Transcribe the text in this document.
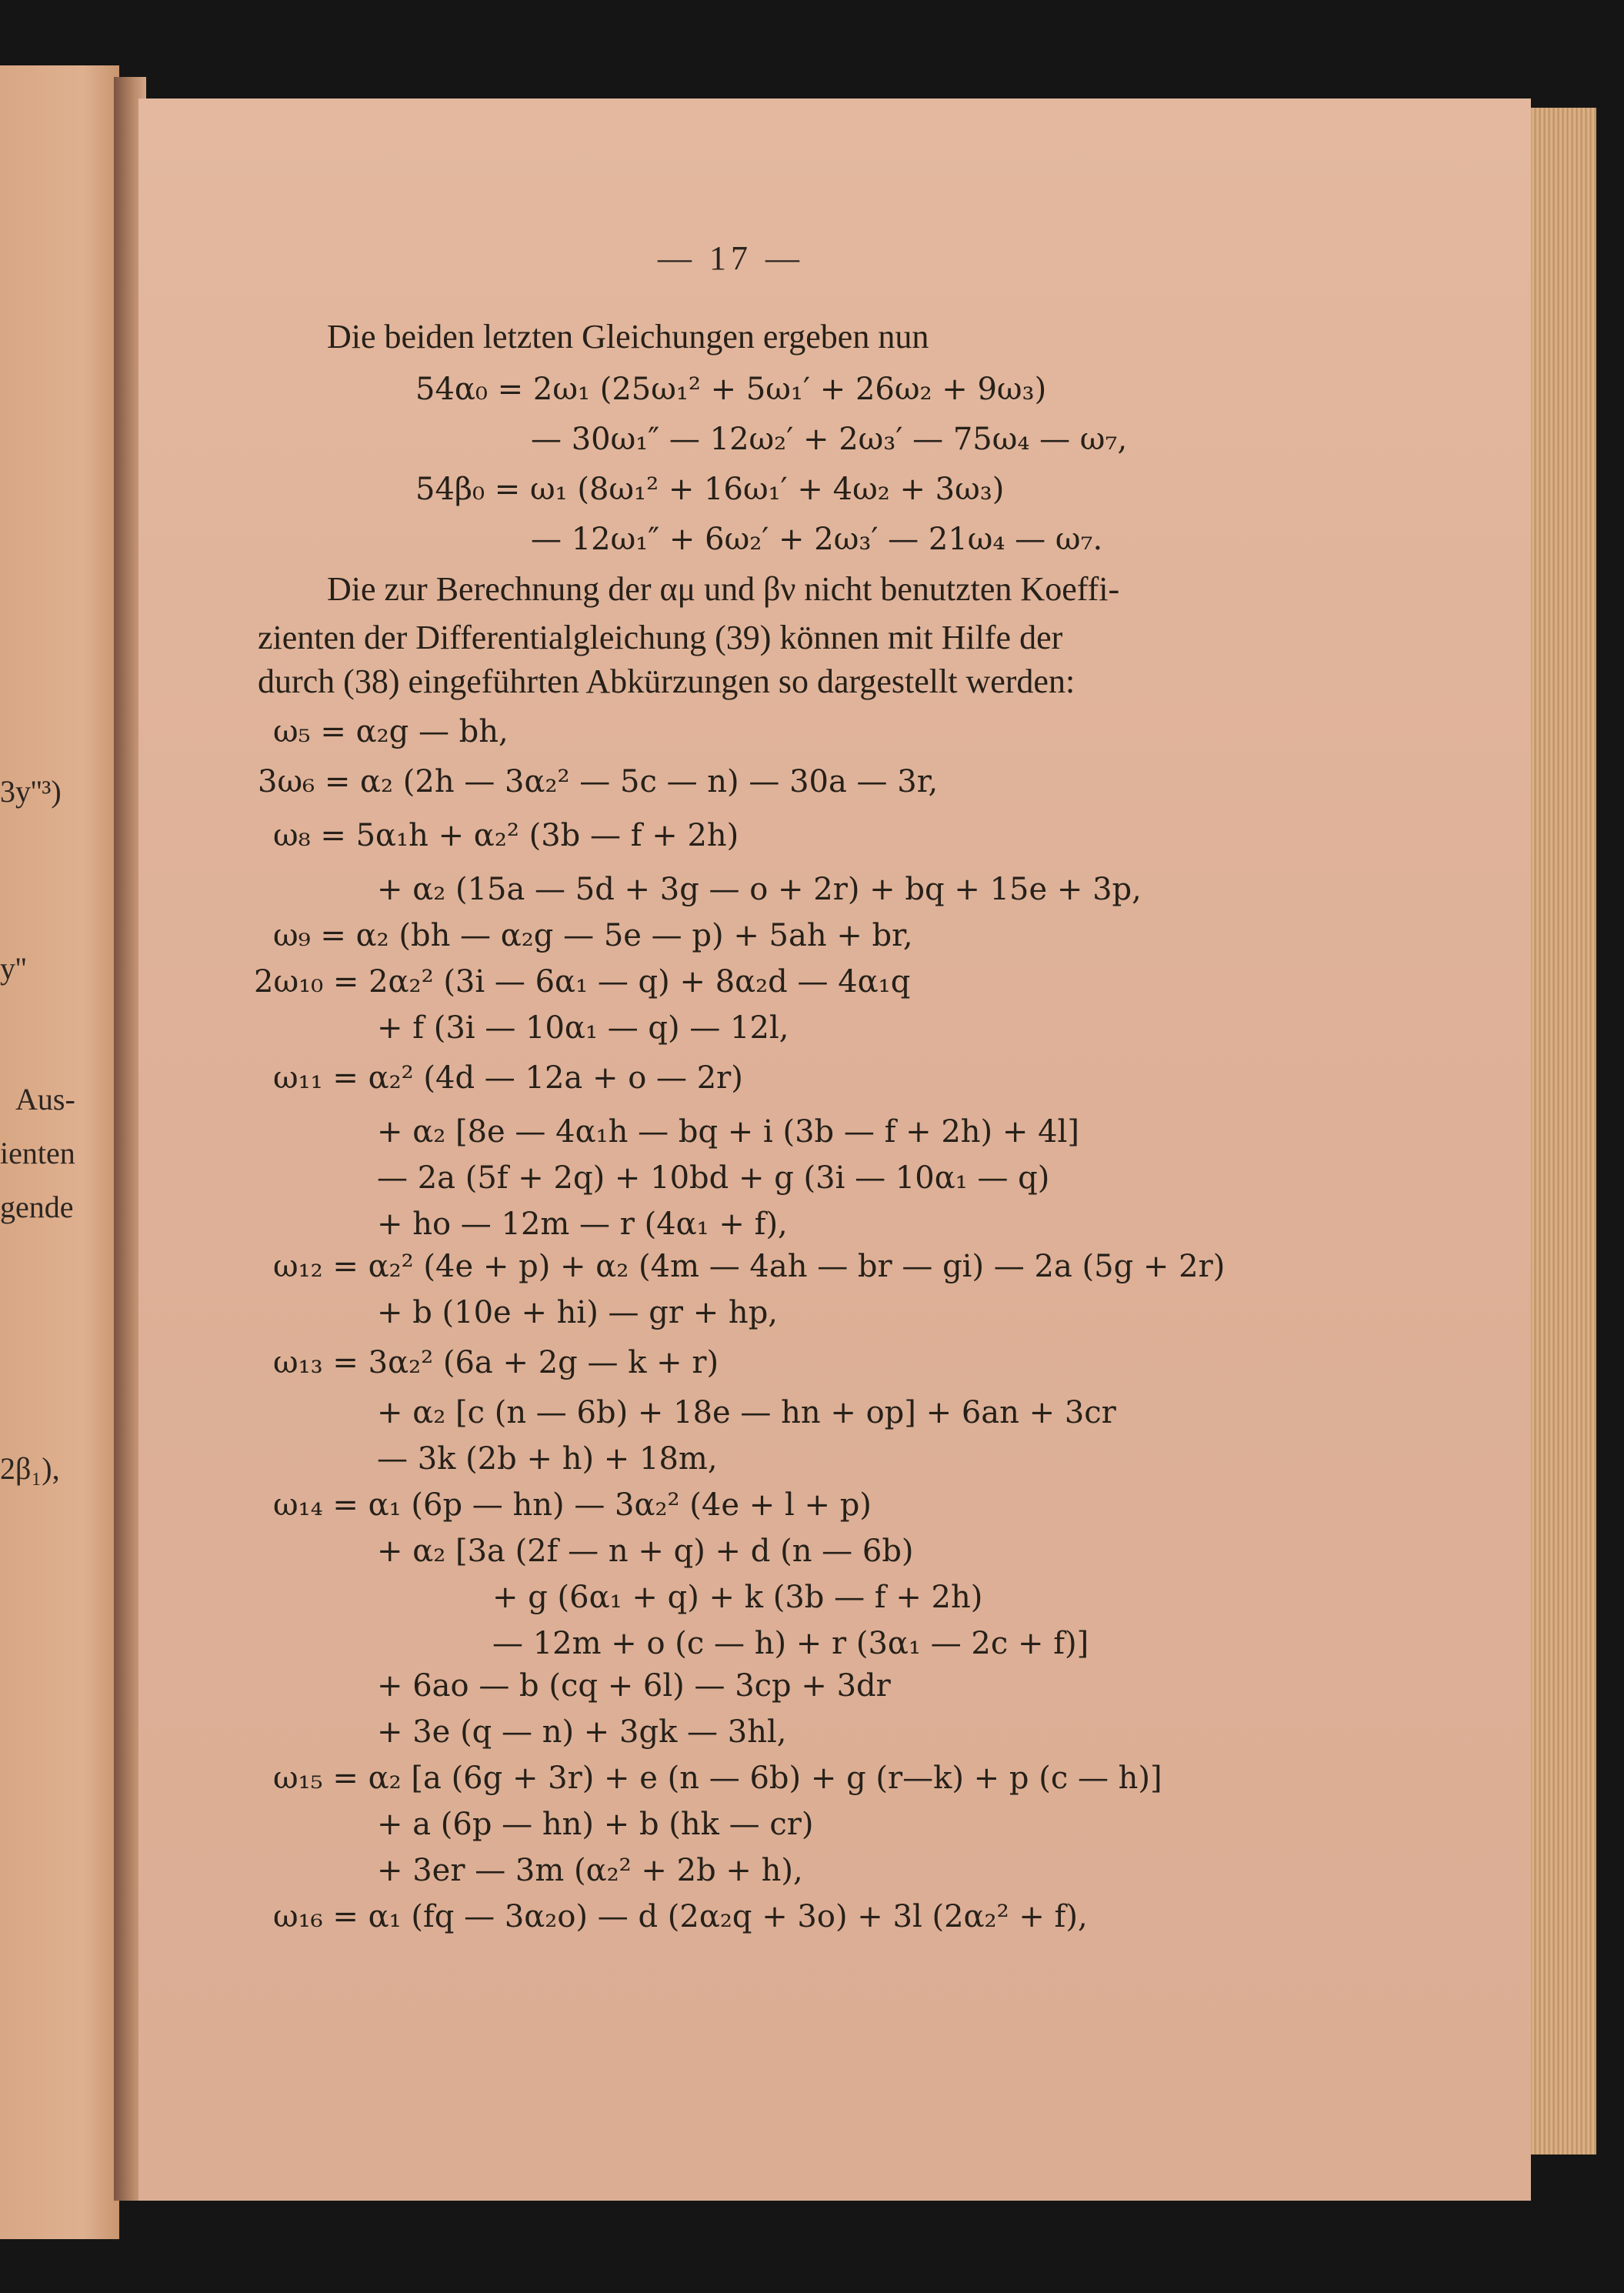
3y''³)
y''
Aus-
ienten
gende
2β₁),
— 17 —
Die beiden letzten Gleichungen ergeben nun
54α₀ = 2ω₁ (25ω₁² + 5ω₁′ + 26ω₂ + 9ω₃)
— 30ω₁″ — 12ω₂′ + 2ω₃′ — 75ω₄ — ω₇,
54β₀ = ω₁ (8ω₁² + 16ω₁′ + 4ω₂ + 3ω₃)
— 12ω₁″ + 6ω₂′ + 2ω₃′ — 21ω₄ — ω₇.
Die zur Berechnung der αμ und βν nicht benutzten Koeffi-
zienten der Differentialgleichung (39) können mit Hilfe der
durch (38) eingeführten Abkürzungen so dargestellt werden:
ω₅ = α₂g — bh,
3ω₆ = α₂ (2h — 3α₂² — 5c — n) — 30a — 3r,
ω₈ = 5α₁h + α₂² (3b — f + 2h)
+ α₂ (15a — 5d + 3g — o + 2r) + bq + 15e + 3p,
ω₉ = α₂ (bh — α₂g — 5e — p) + 5ah + br,
2ω₁₀ = 2α₂² (3i — 6α₁ — q) + 8α₂d — 4α₁q
+ f (3i — 10α₁ — q) — 12l,
ω₁₁ = α₂² (4d — 12a + o — 2r)
+ α₂ [8e — 4α₁h — bq + i (3b — f + 2h) + 4l]
— 2a (5f + 2q) + 10bd + g (3i — 10α₁ — q)
+ ho — 12m — r (4α₁ + f),
ω₁₂ = α₂² (4e + p) + α₂ (4m — 4ah — br — gi) — 2a (5g + 2r)
+ b (10e + hi) — gr + hp,
ω₁₃ = 3α₂² (6a + 2g — k + r)
+ α₂ [c (n — 6b) + 18e — hn + op] + 6an + 3cr
— 3k (2b + h) + 18m,
ω₁₄ = α₁ (6p — hn) — 3α₂² (4e + l + p)
+ α₂ [3a (2f — n + q) + d (n — 6b)
+ g (6α₁ + q) + k (3b — f + 2h)
— 12m + o (c — h) + r (3α₁ — 2c + f)]
+ 6ao — b (cq + 6l) — 3cp + 3dr
+ 3e (q — n) + 3gk — 3hl,
ω₁₅ = α₂ [a (6g + 3r) + e (n — 6b) + g (r—k) + p (c — h)]
+ a (6p — hn) + b (hk — cr)
+ 3er — 3m (α₂² + 2b + h),
ω₁₆ = α₁ (fq — 3α₂o) — d (2α₂q + 3o) + 3l (2α₂² + f),
